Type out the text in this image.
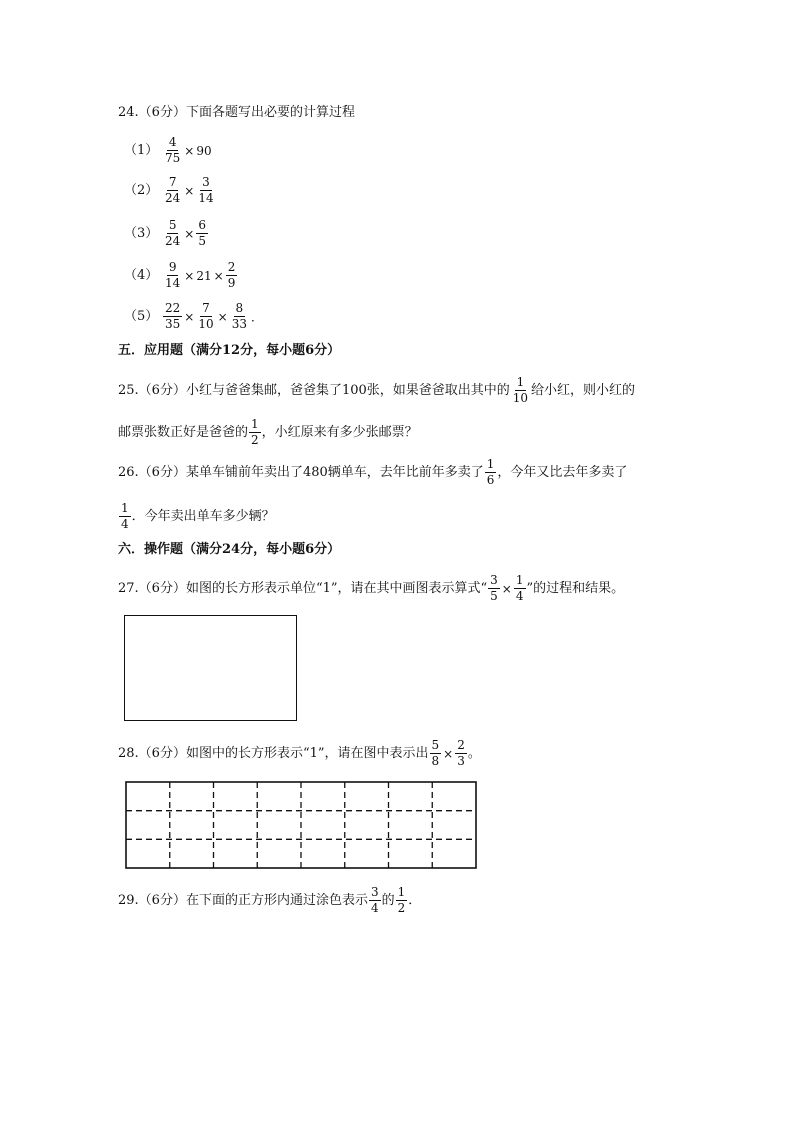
24.（6分）下面各题写出必要的计算过程
$(1) \frac{4}{75} \times 90$
$(2) \frac{7}{24} \times \frac{3}{14}$
$(3) \frac{5}{24} \times \frac{6}{5}$
$(4) \frac{9}{14} \times 21 \times \frac{2}{9}$
$(5) \frac{22}{35} \times \frac{7}{10} \times \frac{8}{33}$ ．
五．应用题（满分12分，每小题6分）
25.（6分）小红与爸爸集邮，爸爸集了100张，如果爸爸取出其中的 $\frac{1}{10}$ 给小红，则小红的
邮票张数正好是爸爸的 $\frac{1}{2}$ ，小红原来有多少张邮票？
26.（6分）某单车铺前年卖出了480辆单车，去年比前年多卖了 $\frac{1}{6}$ ，今年又比去年多卖了
$\frac{1}{4}$ ．今年卖出单车多少辆？
六．操作题（满分24分，每小题6分）
27.（6分）如图的长方形表示单位“1”，请在其中画图表示算式“ $\frac{3}{5} \times \frac{1}{4}$ ”的过程和结果。
28.（6分）如图中的长方形表示“1”，请在图中表示出 $\frac{5}{8} \times \frac{2}{3}$ 。
29.（6分）在下面的正方形内通过涂色表示 $\frac{3}{4}$ 的 $\frac{1}{2}$ ．
